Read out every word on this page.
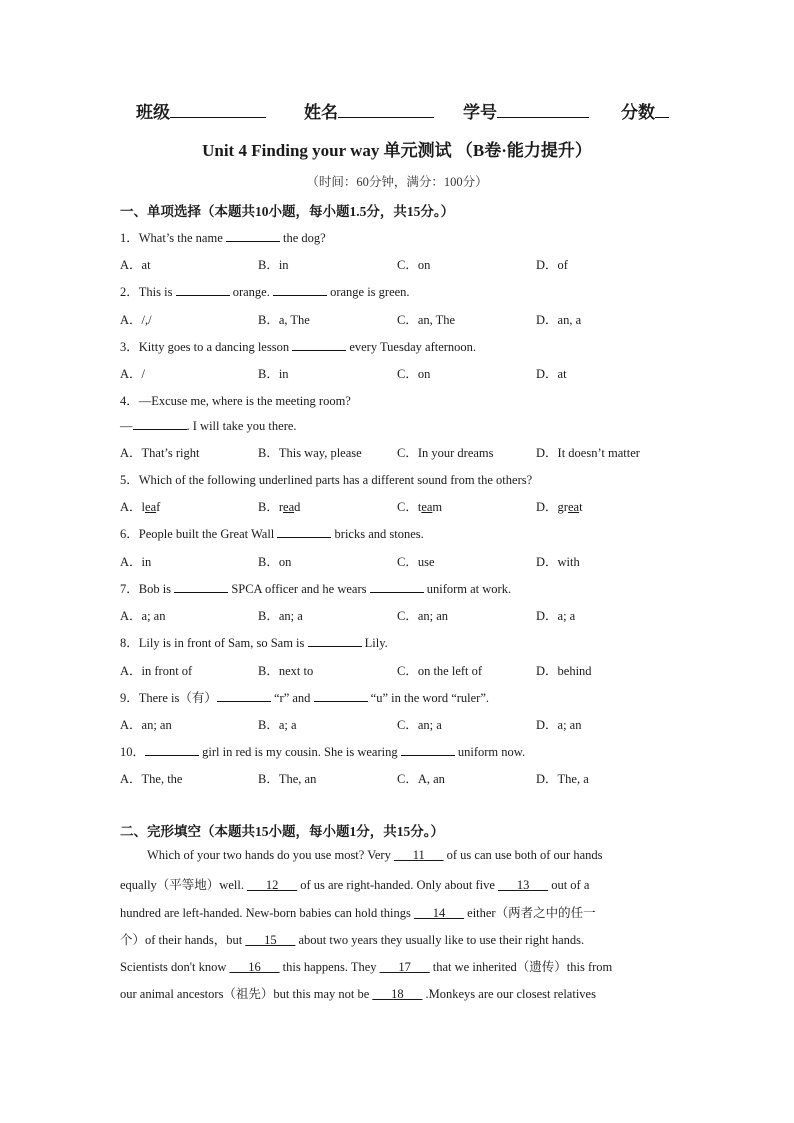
班级	姓名	学号	分数
Unit 4 Finding your way 单元测试 （B卷·能力提升）
（时间：60分钟，满分：100分）
一、单项选择（本题共10小题，每小题1.5分，共15分。）
1．What’s the name	the dog?
A．at	B．in	C．on	D．of
2．This is	orange.	orange is green.
A．/,/	B．a, The	C．an, The	D．an, a
3．Kitty goes to a dancing lesson	every Tuesday afternoon.
A．/	B．in	C．on	D．at
4．—Excuse me, where is the meeting room?
—	. I will take you there.
A．That’s right	B．This way, please	C．In your dreams	D．It doesn’t matter
5．Which of the following underlined parts has a different sound from the others?
A．leaf	B．read	C．team	D．great
6．People built the Great Wall	bricks and stones.
A．in	B．on	C．use	D．with
7．Bob is	SPCA officer and he wears	uniform at work.
A．a; an	B．an; a	C．an; an	D．a; a
8．Lily is in front of Sam, so Sam is	Lily.
A．in front of	B．next to	C．on the left of	D．behind
9．There is（有）	“r” and	“u” in the word “ruler”.
A．an; an	B．a; a	C．an; a	D．a; an
10．	girl in red is my cousin. She is wearing	uniform now.
A．The, the	B．The, an	C．A, an	D．The, a
二、完形填空（本题共15小题，每小题1分，共15分。）
Which of your two hands do you use most? Very ___11___ of us can use both of our hands
equally（平等地）well. ___12___ of us are right-handed. Only about five ___13___ out of a
hundred are left-handed. New-born babies can hold things ___14___ either（两者之中的任一
个）of their hands，but ___15___ about two years they usually like to use their right hands.
Scientists don't know ___16___ this happens. They ___17___ that we inherited（遗传）this from
our animal ancestors（祖先）but this may not be ___18___ .Monkeys are our closest relatives
